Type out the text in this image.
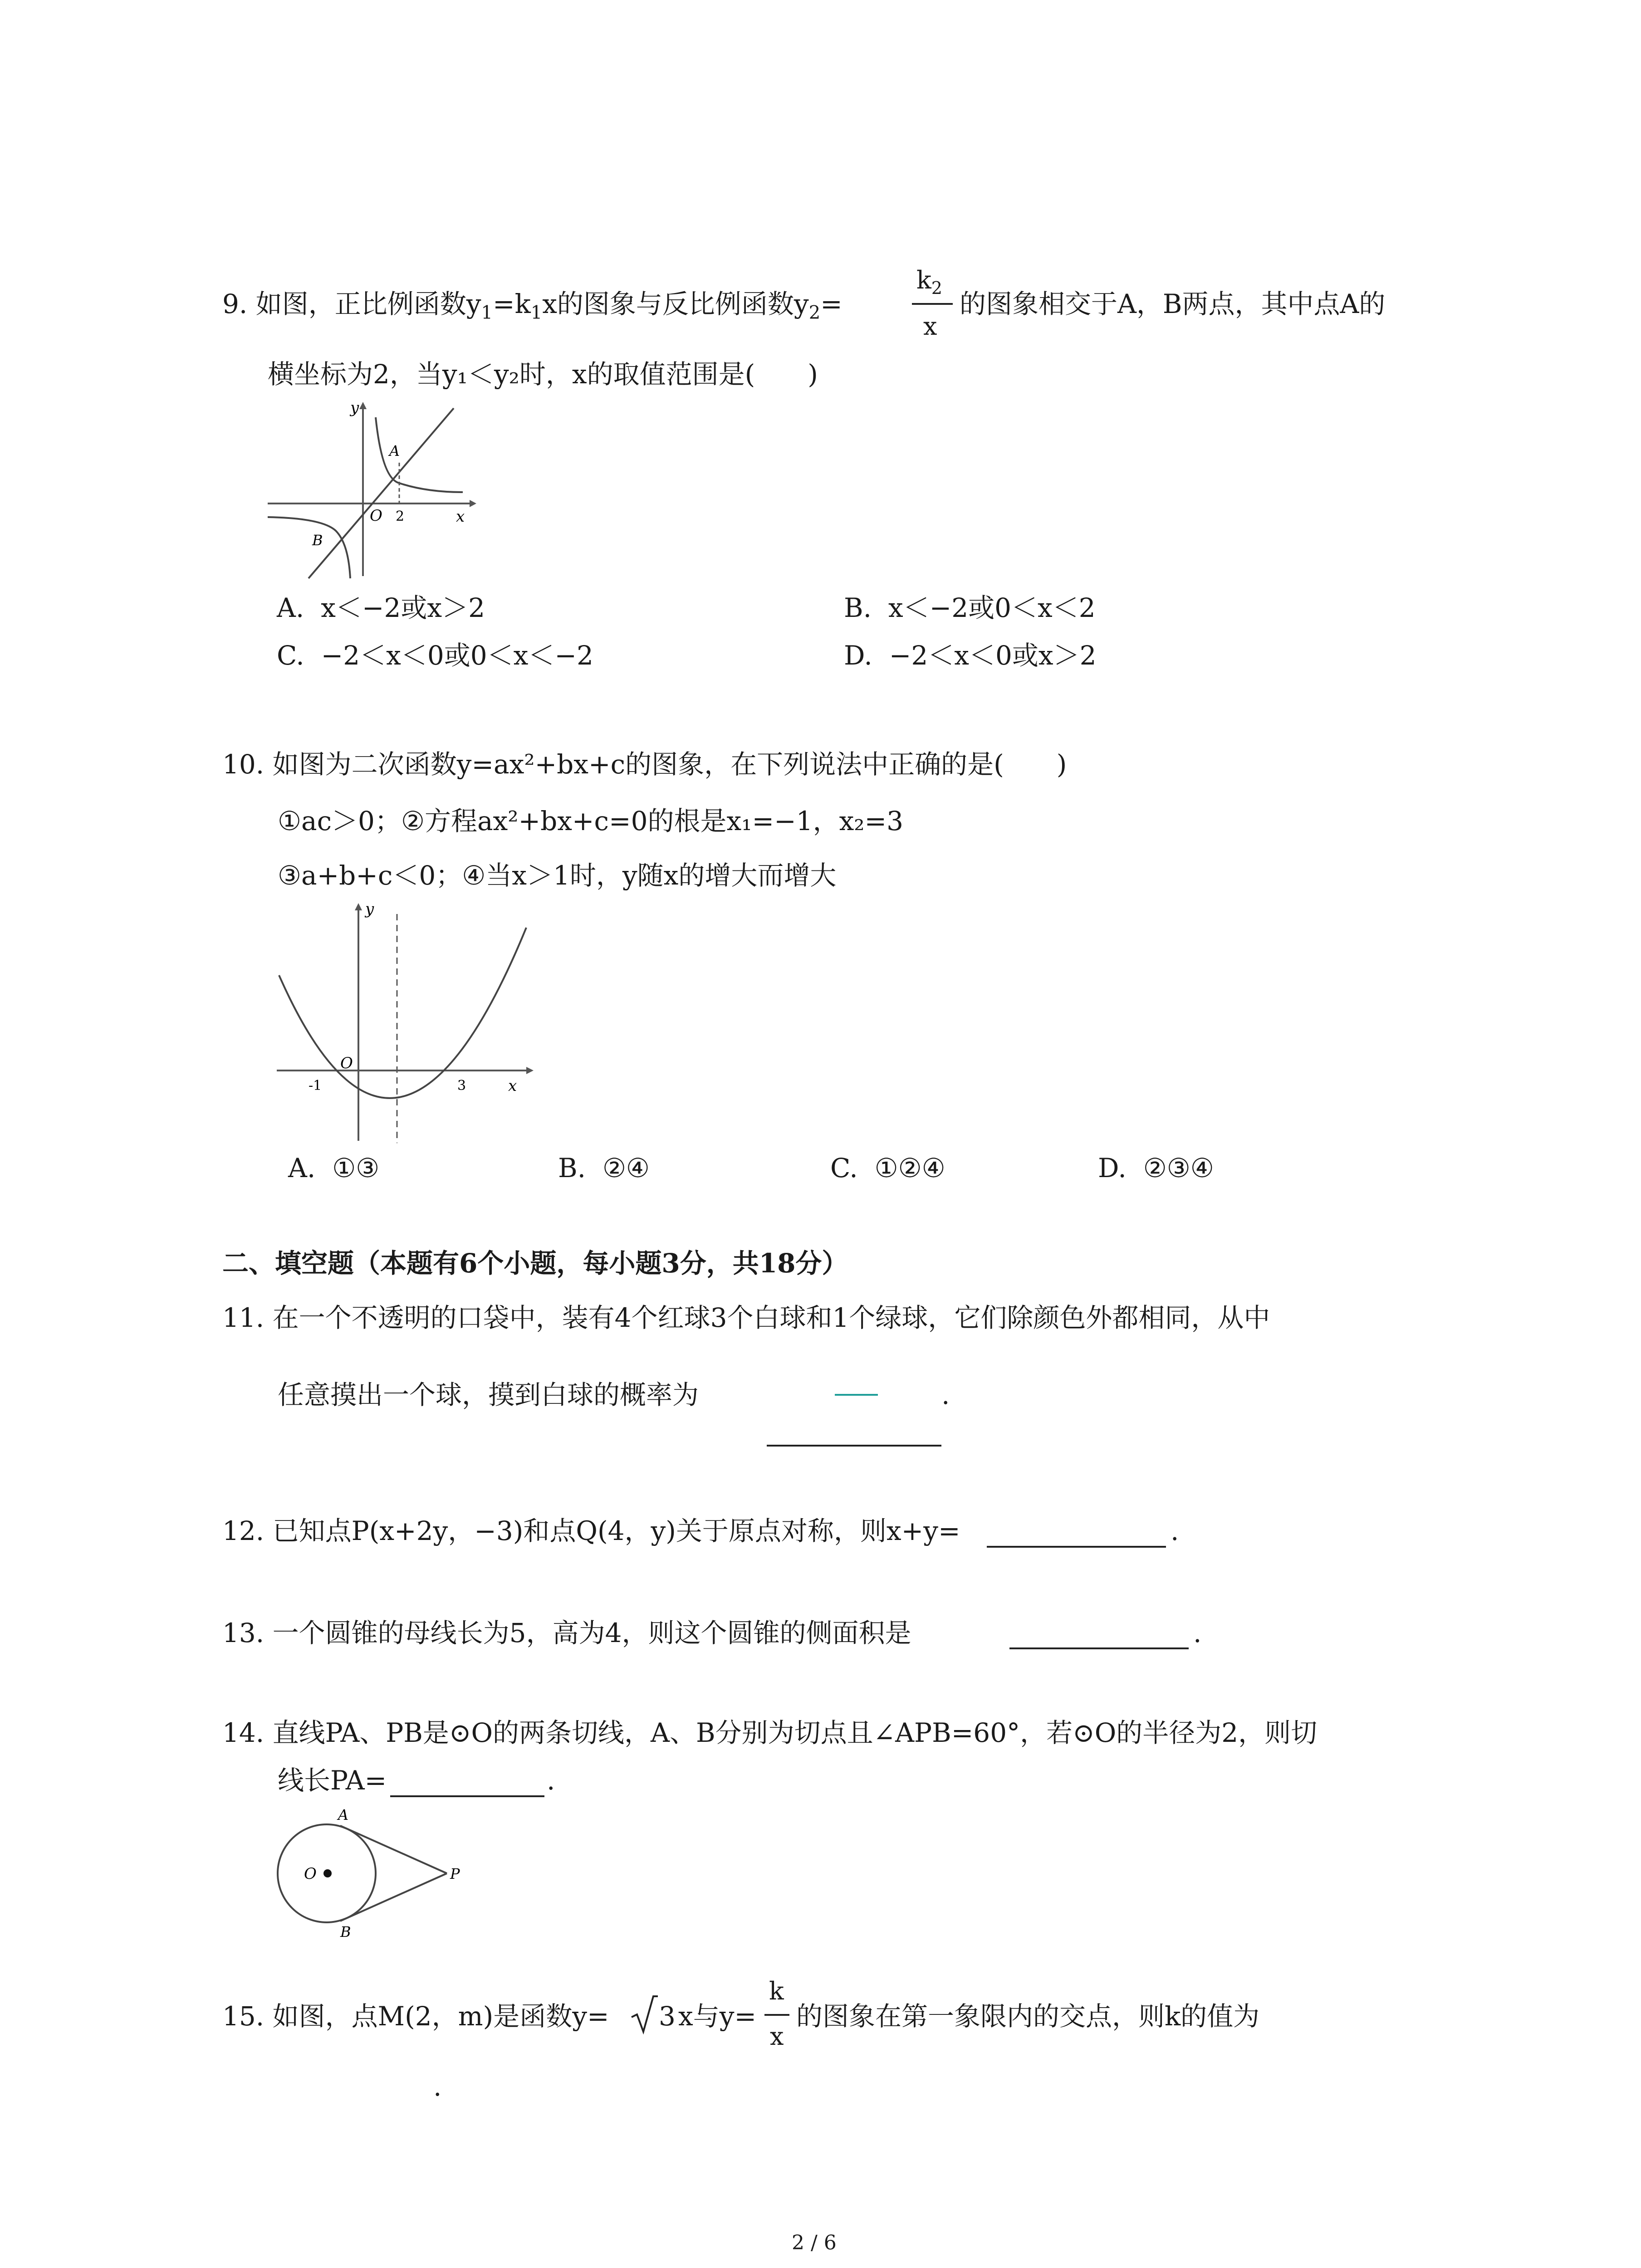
9. 如图，正比例函数$y_1=k_1x$的图象与反比例函数$y_2=$
$k_2$
x
的图象相交于A，B两点，其中点A的
横坐标为2，当y₁＜y₂时，x的取值范围是(　　)
y
x
O
A
B
2
A. x＜−2或x＞2	B. x＜−2或0＜x＜2
C. −2＜x＜0或0＜x＜−2	D. −2＜x＜0或x＞2
10. 如图为二次函数y=ax²+bx+c的图象，在下列说法中正确的是(　　)
①ac＞0；②方程ax²+bx+c=0的根是x₁=−1，x₂=3
③a+b+c＜0；④当x＞1时，y随x的增大而增大
y
x
O
-1	3
A. ①③	B. ②④	C. ①②④	D. ②③④
二、填空题（本题有6个小题，每小题3分，共18分）
11. 在一个不透明的口袋中，装有4个红球3个白球和1个绿球，它们除颜色外都相同，从中
任意摸出一个球，摸到白球的概率为	.
12. 已知点P(x+2y，−3)和点Q(4，y)关于原点对称，则x+y=	.
13. 一个圆锥的母线长为5，高为4，则这个圆锥的侧面积是	.
14. 直线PA、PB是⊙O的两条切线，A、B分别为切点且∠APB=60°，若⊙O的半径为2，则切
线长PA=	.
A
B
O	P
15. 如图，点M(2，m)是函数y= 3 x与y=
k
x
的图象在第一象限内的交点，则k的值为
.
2 / 6
